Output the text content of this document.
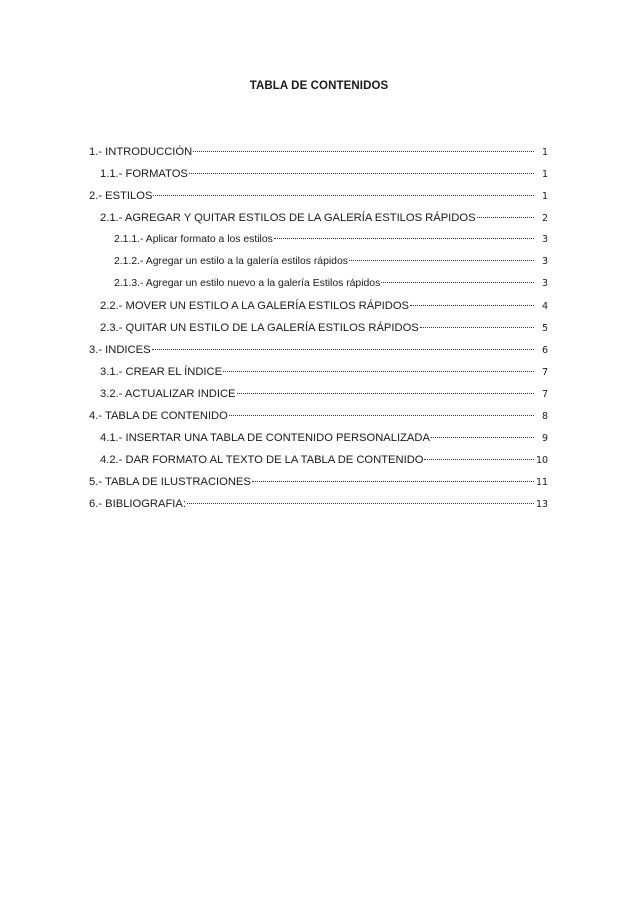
TABLA DE CONTENIDOS
1.- INTRODUCCIÓN	1
1.1.- FORMATOS	1
2.- ESTILOS	1
2.1.- AGREGAR Y QUITAR ESTILOS DE LA GALERÍA ESTILOS RÁPIDOS	2
2.1.1.- Aplicar formato a los estilos	3
2.1.2.- Agregar un estilo a la galería estilos rápidos	3
2.1.3.- Agregar un estilo nuevo a la galería Estilos rápidos	3
2.2.- MOVER UN ESTILO A LA GALERÍA ESTILOS RÁPIDOS	4
2.3.- QUITAR UN ESTILO DE LA GALERÍA ESTILOS RÁPIDOS	5
3.- INDICES	6
3.1.- CREAR EL ÍNDICE	7
3.2.- ACTUALIZAR INDICE	7
4.- TABLA DE CONTENIDO	8
4.1.- INSERTAR UNA TABLA DE CONTENIDO PERSONALIZADA	9
4.2.- DAR FORMATO AL TEXTO DE LA TABLA DE CONTENIDO	10
5.- TABLA DE ILUSTRACIONES	11
6.- BIBLIOGRAFIA:	13
